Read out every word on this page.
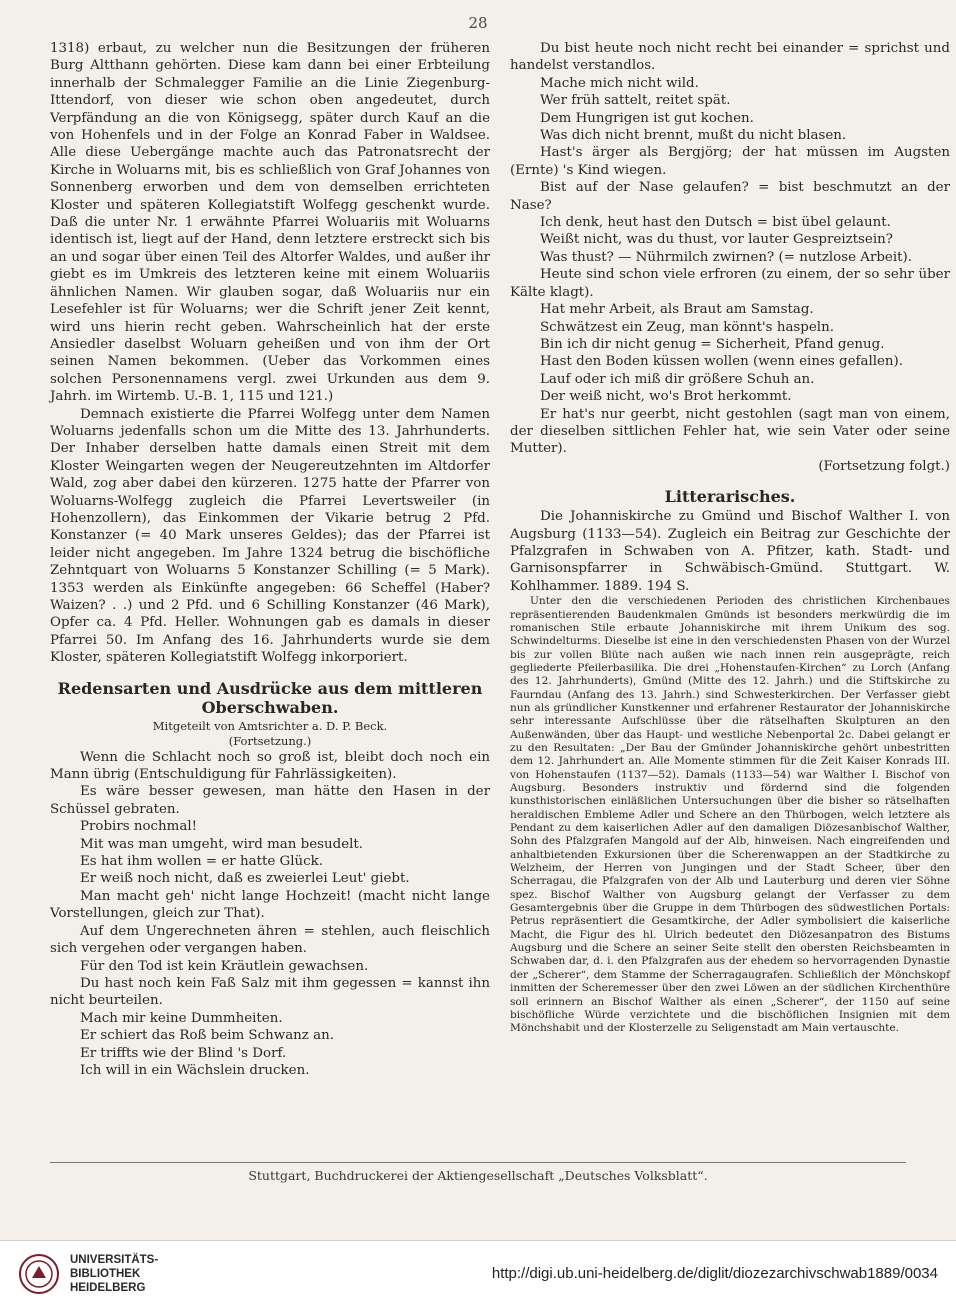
28

1318) erbaut, zu welcher nun die Besitzungen der früheren Burg Altthann gehörten. Diese kam dann bei einer Erbteilung innerhalb der Schmalegger Familie an die Linie Ziegenburg-Ittendorf, von dieser wie schon oben angedeutet, durch Verpfändung an die von Königsegg, später durch Kauf an die von Hohenfels und in der Folge an Konrad Faber in Waldsee. Alle diese Uebergänge machte auch das Patronatsrecht der Kirche in Woluarns mit, bis es schließlich von Graf Johannes von Sonnenberg erworben und dem von demselben errichteten Kloster und späteren Kollegiatstift Wolfegg geschenkt wurde. Daß die unter Nr. 1 erwähnte Pfarrei Woluariis mit Woluarns identisch ist, liegt auf der Hand, denn letztere erstreckt sich bis an und sogar über einen Teil des Altorfer Waldes, und außer ihr giebt es im Umkreis des letzteren keine mit einem Woluariis ähnlichen Namen. Wir glauben sogar, daß Woluariis nur ein Lesefehler ist für Woluarns; wer die Schrift jener Zeit kennt, wird uns hierin recht geben. Wahrscheinlich hat der erste Ansiedler daselbst Woluarn geheißen und von ihm der Ort seinen Namen bekommen. (Ueber das Vorkommen eines solchen Personennamens vergl. zwei Urkunden aus dem 9. Jahrh. im Wirtemb. U.-B. 1, 115 und 121.)

Demnach existierte die Pfarrei Wolfegg unter dem Namen Woluarns jedenfalls schon um die Mitte des 13. Jahrhunderts. Der Inhaber derselben hatte damals einen Streit mit dem Kloster Weingarten wegen der Neugereutzehnten im Altdorfer Wald, zog aber dabei den kürzeren. 1275 hatte der Pfarrer von Woluarns-Wolfegg zugleich die Pfarrei Levertsweiler (in Hohenzollern), das Einkommen der Vikarie betrug 2 Pfd. Konstanzer (= 40 Mark unseres Geldes); das der Pfarrei ist leider nicht angegeben. Im Jahre 1324 betrug die bischöfliche Zehntquart von Woluarns 5 Konstanzer Schilling (= 5 Mark). 1353 werden als Einkünfte angegeben: 66 Scheffel (Haber? Waizen? . .) und 2 Pfd. und 6 Schilling Konstanzer (46 Mark), Opfer ca. 4 Pfd. Heller. Wohnungen gab es damals in dieser Pfarrei 50. Im Anfang des 16. Jahrhunderts wurde sie dem Kloster, späteren Kollegiatstift Wolfegg inkorporiert.

Redensarten und Ausdrücke aus dem mittleren Oberschwaben.

Mitgeteilt von Amtsrichter a. D. P. Beck.

(Fortsetzung.)

Wenn die Schlacht noch so groß ist, bleibt doch noch ein Mann übrig (Entschuldigung für Fahrlässigkeiten).

Es wäre besser gewesen, man hätte den Hasen in der Schüssel gebraten.

Probirs nochmal!

Mit was man umgeht, wird man besudelt.

Es hat ihm wollen = er hatte Glück.

Er weiß noch nicht, daß es zweierlei Leut' giebt.

Man macht geh' nicht lange Hochzeit! (macht nicht lange Vorstellungen, gleich zur That).

Auf dem Ungerechneten ähren = stehlen, auch fleischlich sich vergehen oder vergangen haben.

Für den Tod ist kein Kräutlein gewachsen.

Du hast noch kein Faß Salz mit ihm gegessen = kannst ihn nicht beurteilen.

Mach mir keine Dummheiten.

Er schiert das Roß beim Schwanz an.

Er triffts wie der Blind 's Dorf.

Ich will in ein Wächslein drucken.

Du bist heute noch nicht recht bei einander = sprichst und handelst verstandlos.

Mache mich nicht wild.

Wer früh sattelt, reitet spät.

Dem Hungrigen ist gut kochen.

Was dich nicht brennt, mußt du nicht blasen.

Hast's ärger als Bergjörg; der hat müssen im Augsten (Ernte) 's Kind wiegen.

Bist auf der Nase gelaufen? = bist beschmutzt an der Nase?

Ich denk, heut hast den Dutsch = bist übel gelaunt.

Weißt nicht, was du thust, vor lauter Gespreiztsein?

Was thust? — Nührmilch zwirnen? (= nutzlose Arbeit).

Heute sind schon viele erfroren (zu einem, der so sehr über Kälte klagt).

Hat mehr Arbeit, als Braut am Samstag.

Schwätzest ein Zeug, man könnt's haspeln.

Bin ich dir nicht genug = Sicherheit, Pfand genug.

Hast den Boden küssen wollen (wenn eines gefallen).

Lauf oder ich miß dir größere Schuh an.

Der weiß nicht, wo's Brot herkommt.

Er hat's nur geerbt, nicht gestohlen (sagt man von einem, der dieselben sittlichen Fehler hat, wie sein Vater oder seine Mutter).

(Fortsetzung folgt.)

Litterarisches.

Die Johanniskirche zu Gmünd und Bischof Walther I. von Augsburg (1133—54). Zugleich ein Beitrag zur Geschichte der Pfalzgrafen in Schwaben von A. Pfitzer, kath. Stadt- und Garnisonspfarrer in Schwäbisch-Gmünd. Stuttgart. W. Kohlhammer. 1889. 194 S.

Unter den die verschiedenen Perioden des christlichen Kirchenbaues repräsentierenden Baudenkmalen Gmünds ist besonders merkwürdig die im romanischen Stile erbaute Johanniskirche mit ihrem Unikum des sog. Schwindelturms. Dieselbe ist eine in den verschiedensten Phasen von der Wurzel bis zur vollen Blüte nach außen wie nach innen rein ausgeprägte, reich gegliederte Pfeilerbasilika. Die drei „Hohenstaufen-Kirchen“ zu Lorch (Anfang des 12. Jahrhunderts), Gmünd (Mitte des 12. Jahrh.) und die Stiftskirche zu Faurndau (Anfang des 13. Jahrh.) sind Schwesterkirchen. Der Verfasser giebt nun als gründlicher Kunstkenner und erfahrener Restaurator der Johanniskirche sehr interessante Aufschlüsse über die rätselhaften Skulpturen an den Außenwänden, über das Haupt- und westliche Nebenportal 2c. Dabei gelangt er zu den Resultaten: „Der Bau der Gmünder Johanniskirche gehört unbestritten dem 12. Jahrhundert an. Alle Momente stimmen für die Zeit Kaiser Konrads III. von Hohenstaufen (1137—52). Damals (1133—54) war Walther I. Bischof von Augsburg. Besonders instruktiv und fördernd sind die folgenden kunsthistorischen einläßlichen Untersuchungen über die bisher so rätselhaften heraldischen Embleme Adler und Schere an den Thürbogen, welch letztere als Pendant zu dem kaiserlichen Adler auf den damaligen Diözesanbischof Walther, Sohn des Pfalzgrafen Mangold auf der Alb, hinweisen. Nach eingreifenden und anhaltbietenden Exkursionen über die Scherenwappen an der Stadtkirche zu Welzheim, der Herren von Jungingen und der Stadt Scheer, über den Scherragau, die Pfalzgrafen von der Alb und Lauterburg und deren vier Söhne spez. Bischof Walther von Augsburg gelangt der Verfasser zu dem Gesamtergebnis über die Gruppe in dem Thürbogen des südwestlichen Portals: Petrus repräsentiert die Gesamtkirche, der Adler symbolisiert die kaiserliche Macht, die Figur des hl. Ulrich bedeutet den Diözesanpatron des Bistums Augsburg und die Schere an seiner Seite stellt den obersten Reichsbeamten in Schwaben dar, d. i. den Pfalzgrafen aus der ehedem so hervorragenden Dynastie der „Scherer“, dem Stamme der Scherragaugrafen. Schließlich der Mönchskopf inmitten der Scheremesser über den zwei Löwen an der südlichen Kirchenthüre soll erinnern an Bischof Walther als einen „Scherer“, der 1150 auf seine bischöfliche Würde verzichtete und die bischöflichen Insignien mit dem Mönchshabit und der Klosterzelle zu Seligenstadt am Main vertauschte.

Stuttgart, Buchdruckerei der Aktiengesellschaft „Deutsches Volksblatt“.
UNIVERSITÄTS-
BIBLIOTHEK
HEIDELBERG
http://digi.ub.uni-heidelberg.de/diglit/diozezarchivschwab1889/0034
